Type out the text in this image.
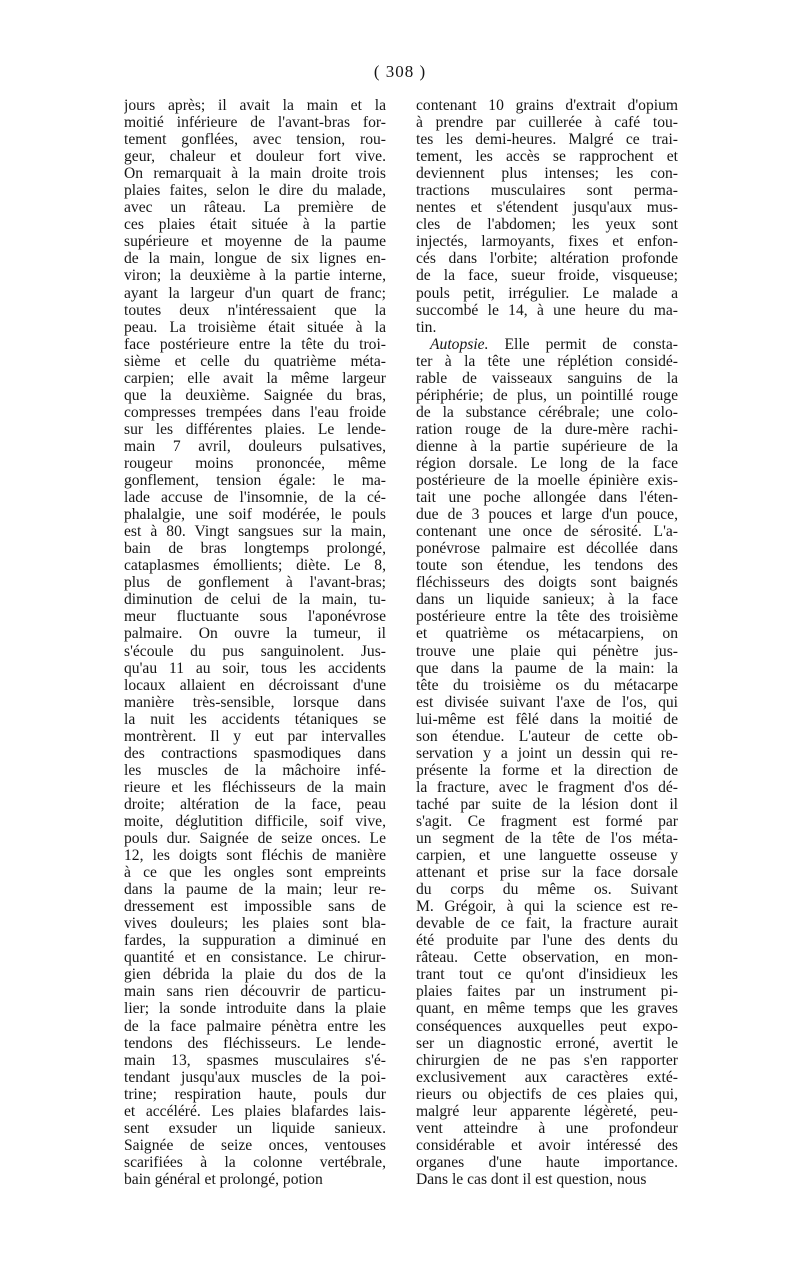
( 308 )
jours après; il avait la main et la
moitié inférieure de l'avant-bras for-
tement gonflées, avec tension, rou-
geur, chaleur et douleur fort vive.
On remarquait à la main droite trois
plaies faites, selon le dire du malade,
avec un râteau. La première de
ces plaies était située à la partie
supérieure et moyenne de la paume
de la main, longue de six lignes en-
viron; la deuxième à la partie interne,
ayant la largeur d'un quart de franc;
toutes deux n'intéressaient que la
peau. La troisième était située à la
face postérieure entre la tête du troi-
sième et celle du quatrième méta-
carpien; elle avait la même largeur
que la deuxième. Saignée du bras,
compresses trempées dans l'eau froide
sur les différentes plaies. Le lende-
main 7 avril, douleurs pulsatives,
rougeur moins prononcée, même
gonflement, tension égale: le ma-
lade accuse de l'insomnie, de la cé-
phalalgie, une soif modérée, le pouls
est à 80. Vingt sangsues sur la main,
bain de bras longtemps prolongé,
cataplasmes émollients; diète. Le 8,
plus de gonflement à l'avant-bras;
diminution de celui de la main, tu-
meur fluctuante sous l'aponévrose
palmaire. On ouvre la tumeur, il
s'écoule du pus sanguinolent. Jus-
qu'au 11 au soir, tous les accidents
locaux allaient en décroissant d'une
manière très-sensible, lorsque dans
la nuit les accidents tétaniques se
montrèrent. Il y eut par intervalles
des contractions spasmodiques dans
les muscles de la mâchoire infé-
rieure et les fléchisseurs de la main
droite; altération de la face, peau
moite, déglutition difficile, soif vive,
pouls dur. Saignée de seize onces. Le
12, les doigts sont fléchis de manière
à ce que les ongles sont empreints
dans la paume de la main; leur re-
dressement est impossible sans de
vives douleurs; les plaies sont bla-
fardes, la suppuration a diminué en
quantité et en consistance. Le chirur-
gien débrida la plaie du dos de la
main sans rien découvrir de particu-
lier; la sonde introduite dans la plaie
de la face palmaire pénètra entre les
tendons des fléchisseurs. Le lende-
main 13, spasmes musculaires s'é-
tendant jusqu'aux muscles de la poi-
trine; respiration haute, pouls dur
et accéléré. Les plaies blafardes lais-
sent exsuder un liquide sanieux.
Saignée de seize onces, ventouses
scarifiées à la colonne vertébrale,
bain général et prolongé, potion
contenant 10 grains d'extrait d'opium
à prendre par cuillerée à café tou-
tes les demi-heures. Malgré ce trai-
tement, les accès se rapprochent et
deviennent plus intenses; les con-
tractions musculaires sont perma-
nentes et s'étendent jusqu'aux mus-
cles de l'abdomen; les yeux sont
injectés, larmoyants, fixes et enfon-
cés dans l'orbite; altération profonde
de la face, sueur froide, visqueuse;
pouls petit, irrégulier. Le malade a
succombé le 14, à une heure du ma-
tin.
Autopsie. Elle permit de consta-
ter à la tête une réplétion considé-
rable de vaisseaux sanguins de la
périphérie; de plus, un pointillé rouge
de la substance cérébrale; une colo-
ration rouge de la dure-mère rachi-
dienne à la partie supérieure de la
région dorsale. Le long de la face
postérieure de la moelle épinière exis-
tait une poche allongée dans l'éten-
due de 3 pouces et large d'un pouce,
contenant une once de sérosité. L'a-
ponévrose palmaire est décollée dans
toute son étendue, les tendons des
fléchisseurs des doigts sont baignés
dans un liquide sanieux; à la face
postérieure entre la tête des troisième
et quatrième os métacarpiens, on
trouve une plaie qui pénètre jus-
que dans la paume de la main: la
tête du troisième os du métacarpe
est divisée suivant l'axe de l'os, qui
lui-même est fêlé dans la moitié de
son étendue. L'auteur de cette ob-
servation y a joint un dessin qui re-
présente la forme et la direction de
la fracture, avec le fragment d'os dé-
taché par suite de la lésion dont il
s'agit. Ce fragment est formé par
un segment de la tête de l'os méta-
carpien, et une languette osseuse y
attenant et prise sur la face dorsale
du corps du même os. Suivant
M. Grégoir, à qui la science est re-
devable de ce fait, la fracture aurait
été produite par l'une des dents du
râteau. Cette observation, en mon-
trant tout ce qu'ont d'insidieux les
plaies faites par un instrument pi-
quant, en même temps que les graves
conséquences auxquelles peut expo-
ser un diagnostic erroné, avertit le
chirurgien de ne pas s'en rapporter
exclusivement aux caractères exté-
rieurs ou objectifs de ces plaies qui,
malgré leur apparente légèreté, peu-
vent atteindre à une profondeur
considérable et avoir intéressé des
organes d'une haute importance.
Dans le cas dont il est question, nous
